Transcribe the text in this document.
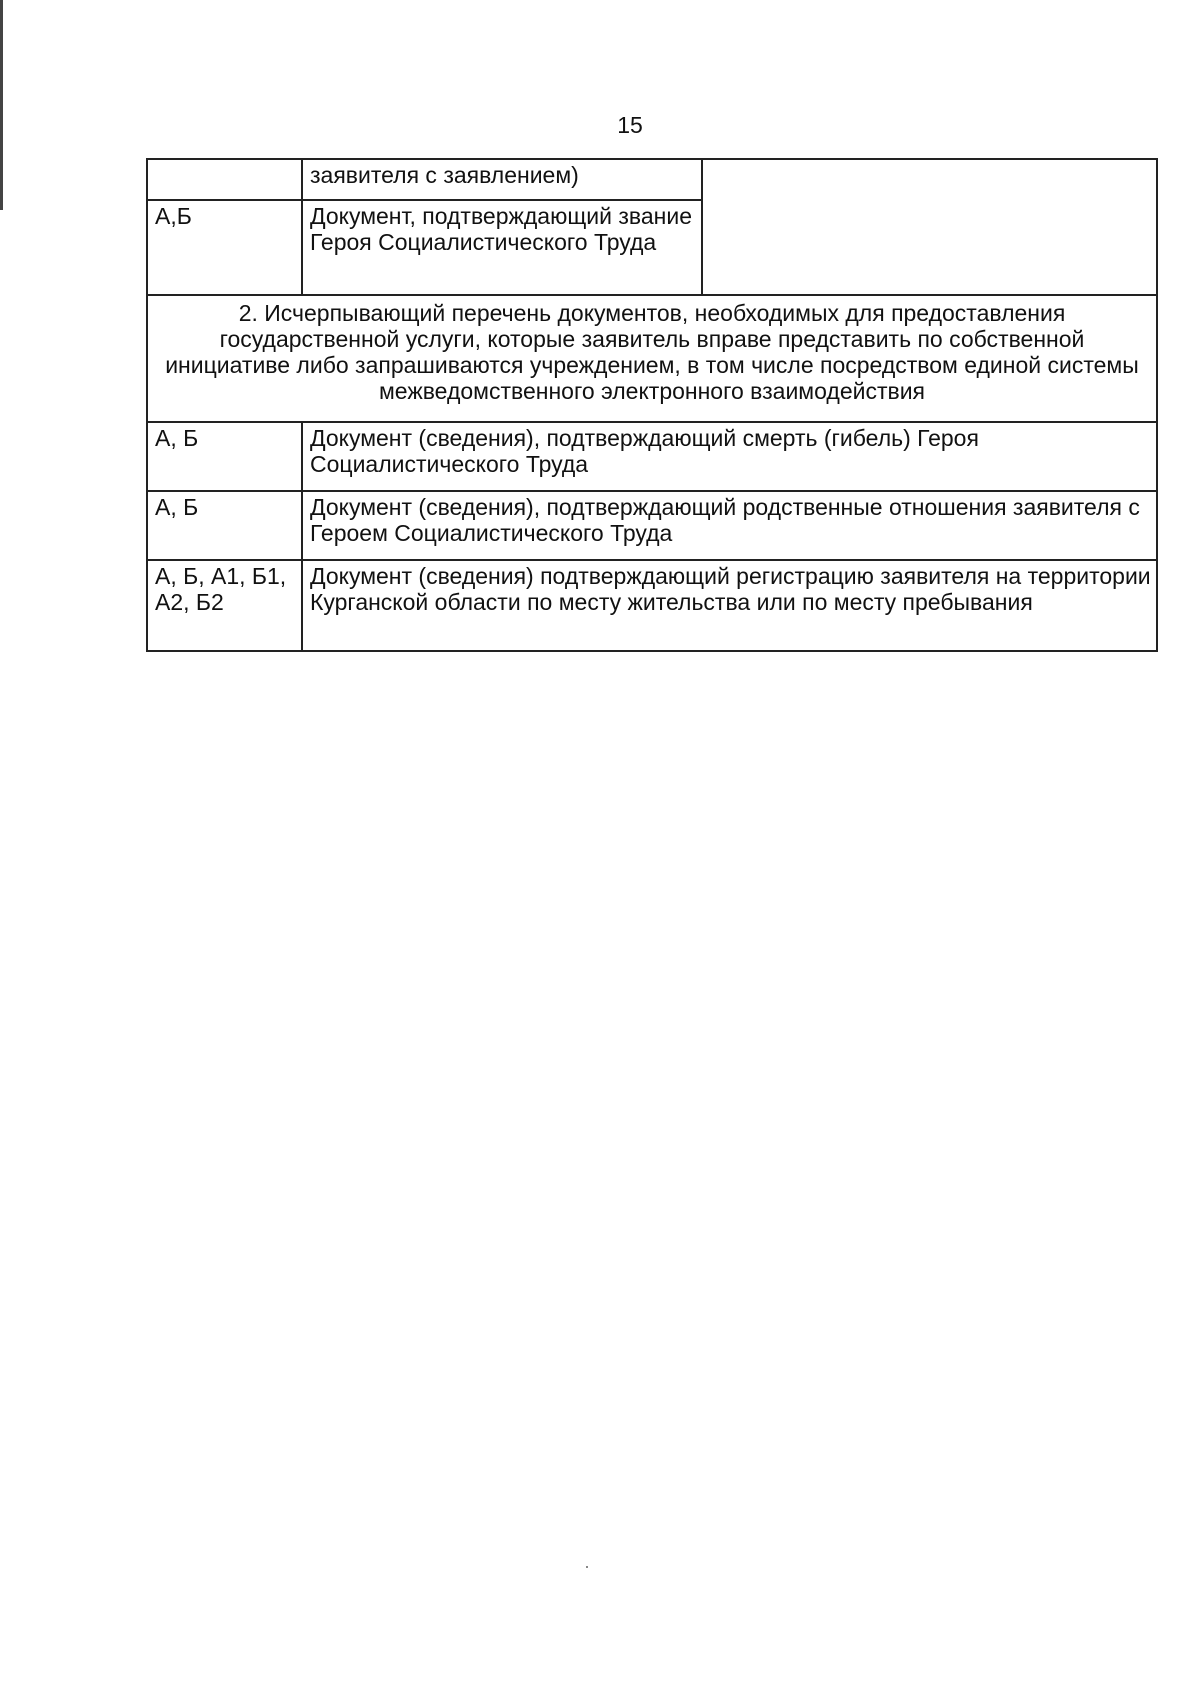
15
	заявителя с заявлением)	
А,Б	Документ, подтверждающий звание Героя Социалистического Труда	
2. Исчерпывающий перечень документов, необходимых для предоставления государственной услуги, которые заявитель вправе представить по собственной инициативе либо запрашиваются учреждением, в том числе посредством единой системы межведомственного электронного взаимодействия		
А, Б	Документ (сведения), подтверждающий смерть (гибель) Героя Социалистического Труда	
А, Б	Документ (сведения), подтверждающий родственные отношения заявителя с Героем Социалистического Труда	
А, Б, А1, Б1, А2, Б2	Документ (сведения) подтверждающий регистрацию заявителя на территории Курганской области по месту жительства или по месту пребывания	
